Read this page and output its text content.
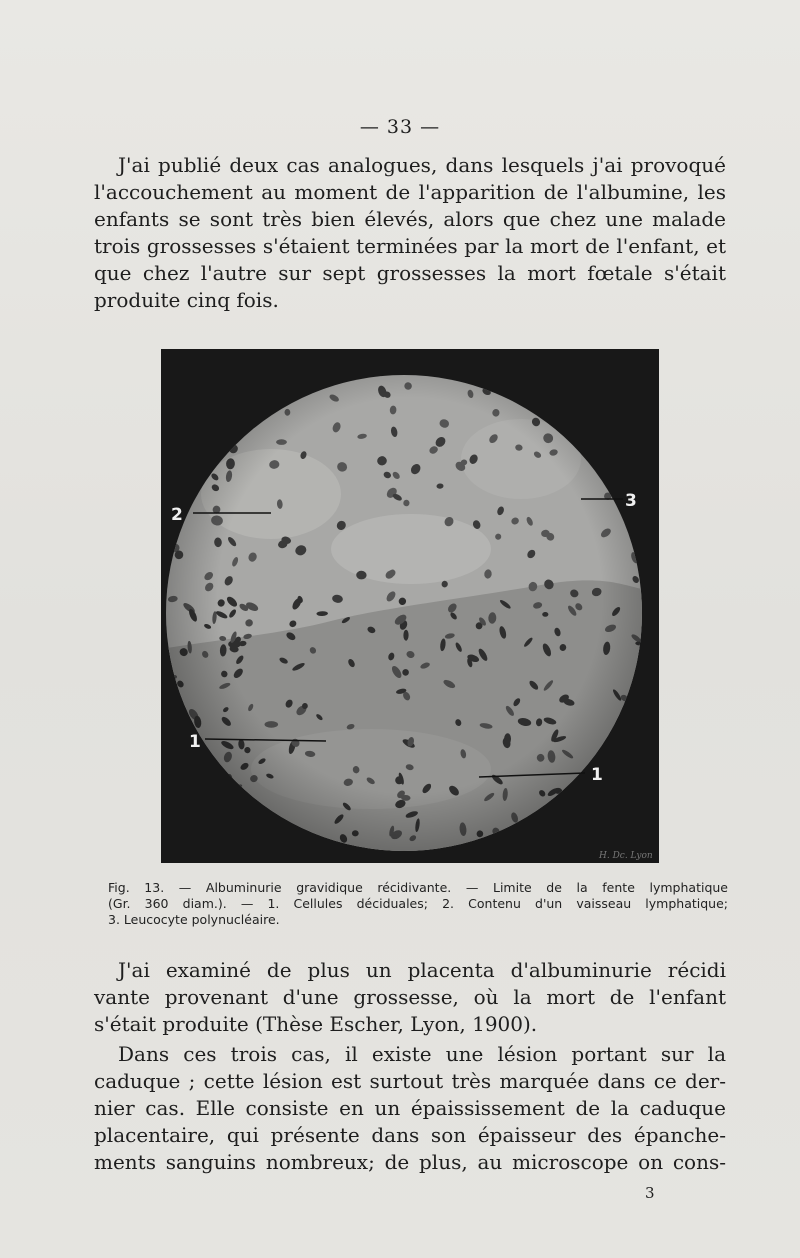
— 33 —
J'ai publié deux cas analogues, dans lesquels j'ai provoqué
l'accouchement au moment de l'apparition de l'albumine, les
enfants se sont très bien élevés, alors que chez une malade
trois grossesses s'étaient terminées par la mort de l'enfant, et
que chez l'autre sur sept grossesses la mort fœtale s'était
produite cinq fois.
2
3
1
1
H. Dc. Lyon
Fig. 13. — Albuminurie gravidique récidivante. — Limite de la fente lymphatique
(Gr. 360 diam.). — 1. Cellules déciduales; 2. Contenu d'un vaisseau lymphatique;
3. Leucocyte polynucléaire.
J'ai examiné de plus un placenta d'albuminurie récidi
vante provenant d'une grossesse, où la mort de l'enfant
s'était produite (Thèse Escher, Lyon, 1900).
Dans ces trois cas, il existe une lésion portant sur la
caduque ; cette lésion est surtout très marquée dans ce der-
nier cas. Elle consiste en un épaississement de la caduque
placentaire, qui présente dans son épaisseur des épanche-
ments sanguins nombreux; de plus, au microscope on cons-
3
